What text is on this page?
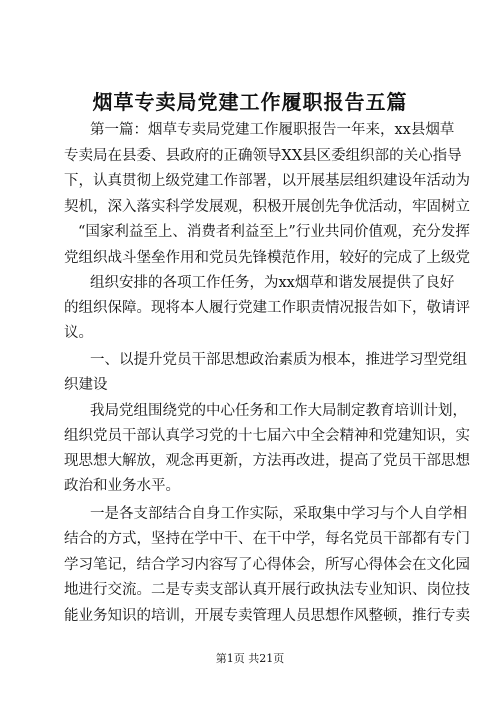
烟草专卖局党建工作履职报告五篇
第一篇：烟草专卖局党建工作履职报告一年来，xx县烟草
专卖局在县委、县政府的正确领导XX县区委组织部的关心指导
下，认真贯彻上级党建工作部署，以开展基层组织建设年活动为
契机，深入落实科学发展观，积极开展创先争优活动，牢固树立
“国家利益至上、消费者利益至上”行业共同价值观，充分发挥
党组织战斗堡垒作用和党员先锋模范作用，较好的完成了上级党
组织安排的各项工作任务，为xx烟草和谐发展提供了良好
的组织保障。现将本人履行党建工作职责情况报告如下，敬请评
议。
一、以提升党员干部思想政治素质为根本，推进学习型党组
织建设
我局党组围绕党的中心任务和工作大局制定教育培训计划，
组织党员干部认真学习党的十七届六中全会精神和党建知识，实
现思想大解放，观念再更新，方法再改进，提高了党员干部思想
政治和业务水平。
一是各支部结合自身工作实际，采取集中学习与个人自学相
结合的方式，坚持在学中干、在干中学，每名党员干部都有专门
学习笔记，结合学习内容写了心得体会，所写心得体会在文化园
地进行交流。二是专卖支部认真开展行政执法专业知识、岗位技
能业务知识的培训，开展专卖管理人员思想作风整顿，推行专卖
第1页 共21页
